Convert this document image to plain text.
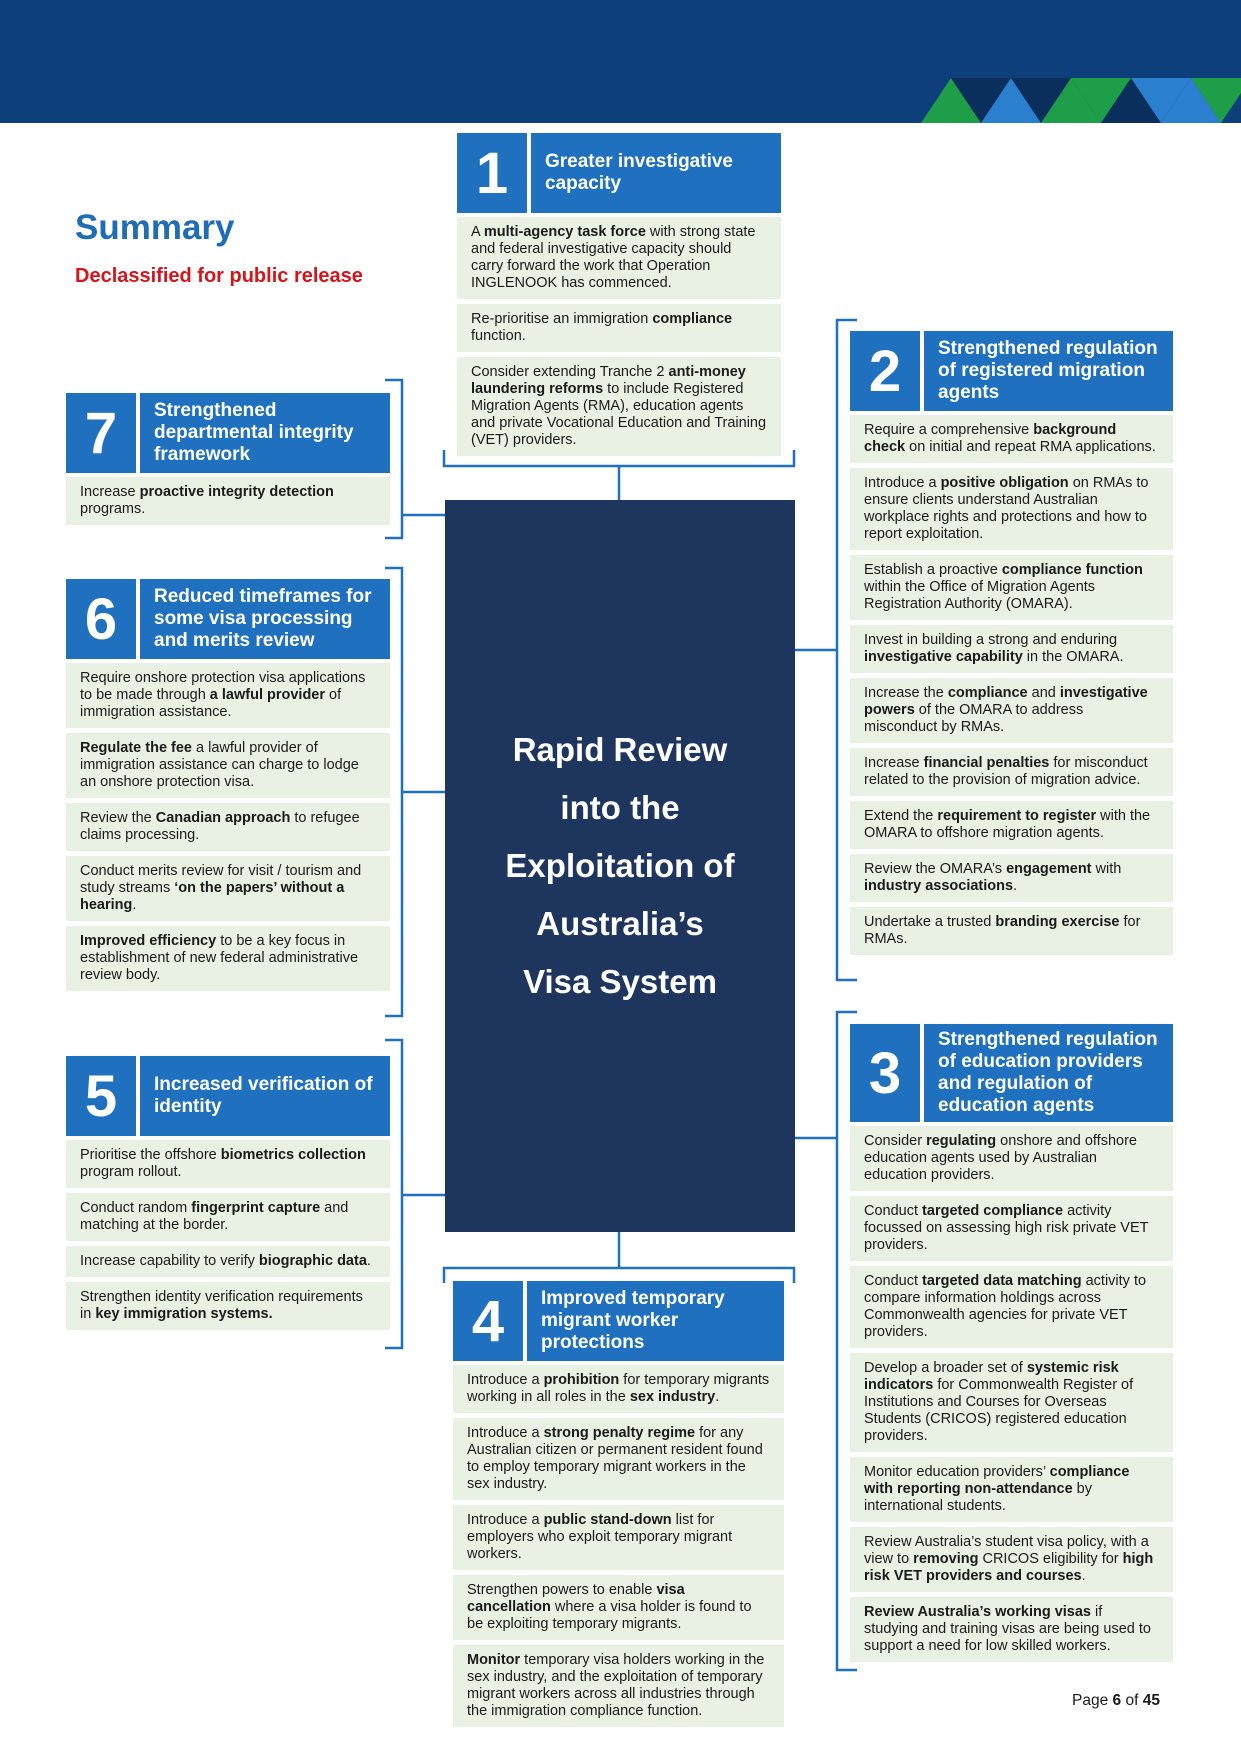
Summary
Declassified for public release
Rapid Review
into the
Exploitation of
Australia’s
Visa System
1	Greater investigative capacity
A multi-agency task force with strong state and federal investigative capacity should carry forward the work that Operation INGLENOOK has commenced.
Re-prioritise an immigration compliance function.
Consider extending Tranche 2 anti-money laundering reforms to include Registered Migration Agents (RMA), education agents and private Vocational Education and Training (VET) providers.
2	Strengthened regulation of registered migration agents
Require a comprehensive background check on initial and repeat RMA applications.
Introduce a positive obligation on RMAs to ensure clients understand Australian workplace rights and protections and how to report exploitation.
Establish a proactive compliance function within the Office of Migration Agents Registration Authority (OMARA).
Invest in building a strong and enduring investigative capability in the OMARA.
Increase the compliance and investigative powers of the OMARA to address misconduct by RMAs.
Increase financial penalties for misconduct related to the provision of migration advice.
Extend the requirement to register with the OMARA to offshore migration agents.
Review the OMARA’s engagement with industry associations.
Undertake a trusted branding exercise for RMAs.
3
Strengthened regulation of education providers and regulation of education agents
Consider regulating onshore and offshore education agents used by Australian education providers.
Conduct targeted compliance activity focussed on assessing high risk private VET providers.
Conduct targeted data matching activity to compare information holdings across Commonwealth agencies for private VET providers.
Develop a broader set of systemic risk indicators for Commonwealth Register of Institutions and Courses for Overseas Students (CRICOS) registered education providers.
Monitor education providers’ compliance with reporting non-attendance by international students.
Review Australia’s student visa policy, with a view to removing CRICOS eligibility for high risk VET providers and courses.
Review Australia’s working visas if studying and training visas are being used to support a need for low skilled workers.
4	Improved temporary migrant worker protections
Introduce a prohibition for temporary migrants working in all roles in the sex industry.
Introduce a strong penalty regime for any Australian citizen or permanent resident found to employ temporary migrant workers in the sex industry.
Introduce a public stand-down list for employers who exploit temporary migrant workers.
Strengthen powers to enable visa cancellation where a visa holder is found to be exploiting temporary migrants.
Monitor temporary visa holders working in the sex industry, and the exploitation of temporary migrant workers across all industries through the immigration compliance function.
5	Increased verification of identity
Prioritise the offshore biometrics collection program rollout.
Conduct random fingerprint capture and matching at the border.
Increase capability to verify biographic data.
Strengthen identity verification requirements in key immigration systems.
6	Reduced timeframes for some visa processing and merits review
Require onshore protection visa applications to be made through a lawful provider of immigration assistance.
Regulate the fee a lawful provider of immigration assistance can charge to lodge an onshore protection visa.
Review the Canadian approach to refugee claims processing.
Conduct merits review for visit / tourism and study streams ‘on the papers’ without a hearing.
Improved efficiency to be a key focus in establishment of new federal administrative review body.
7	Strengthened departmental integrity framework
Increase proactive integrity detection programs.
Page 6 of 45
